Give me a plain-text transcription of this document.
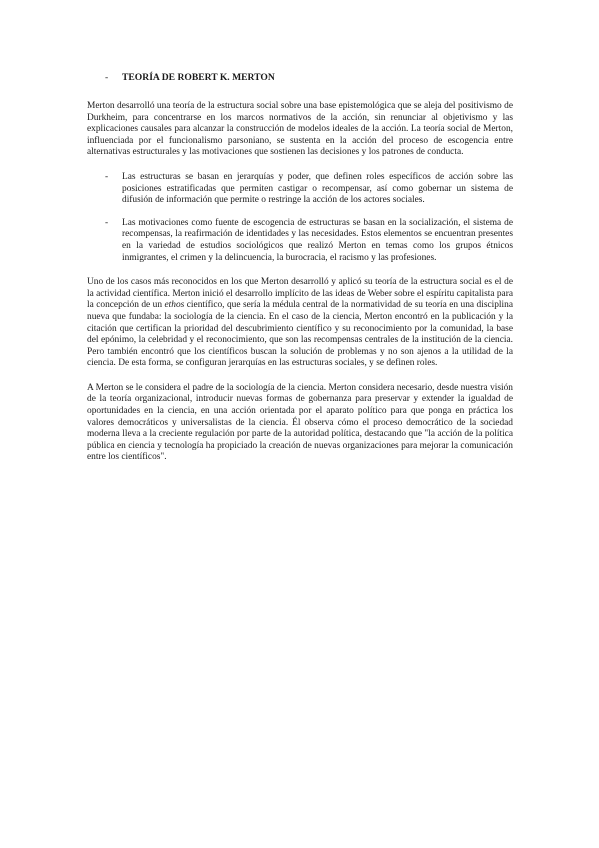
-	TEORÍA DE ROBERT K. MERTON

Merton desarrolló una teoría de la estructura social sobre una base epistemológica que se aleja del positivismo de Durkheim, para concentrarse en los marcos normativos de la acción, sin renunciar al objetivismo y las explicaciones causales para alcanzar la construcción de modelos ideales de la acción. La teoría social de Merton, influenciada por el funcionalismo parsoniano, se sustenta en la acción del proceso de escogencia entre alternativas estructurales y las motivaciones que sostienen las decisiones y los patrones de conducta.

-	Las estructuras se basan en jerarquías y poder, que definen roles específicos de acción sobre las posiciones estratificadas que permiten castigar o recompensar, así como gobernar un sistema de difusión de información que permite o restringe la acción de los actores sociales.
-	Las motivaciones como fuente de escogencia de estructuras se basan en la socialización, el sistema de recompensas, la reafirmación de identidades y las necesidades. Estos elementos se encuentran presentes en la variedad de estudios sociológicos que realizó Merton en temas como los grupos étnicos inmigrantes, el crimen y la delincuencia, la burocracia, el racismo y las profesiones.

Uno de los casos más reconocidos en los que Merton desarrolló y aplicó su teoría de la estructura social es el de la actividad científica. Merton inició el desarrollo implícito de las ideas de Weber sobre el espíritu capitalista para la concepción de un ethos científico, que sería la médula central de la normatividad de su teoría en una disciplina nueva que fundaba: la sociología de la ciencia. En el caso de la ciencia, Merton encontró en la publicación y la citación que certifican la prioridad del descubrimiento científico y su reconocimiento por la comunidad, la base del epónimo, la celebridad y el reconocimiento, que son las recompensas centrales de la institución de la ciencia. Pero también encontró que los científicos buscan la solución de problemas y no son ajenos a la utilidad de la ciencia. De esta forma, se configuran jerarquías en las estructuras sociales, y se definen roles.

A Merton se le considera el padre de la sociología de la ciencia. Merton considera necesario, desde nuestra visión de la teoría organizacional, introducir nuevas formas de gobernanza para preservar y extender la igualdad de oportunidades en la ciencia, en una acción orientada por el aparato político para que ponga en práctica los valores democráticos y universalistas de la ciencia. Él observa cómo el proceso democrático de la sociedad moderna lleva a la creciente regulación por parte de la autoridad política, destacando que "la acción de la política pública en ciencia y tecnología ha propiciado la creación de nuevas organizaciones para mejorar la comunicación entre los científicos".
